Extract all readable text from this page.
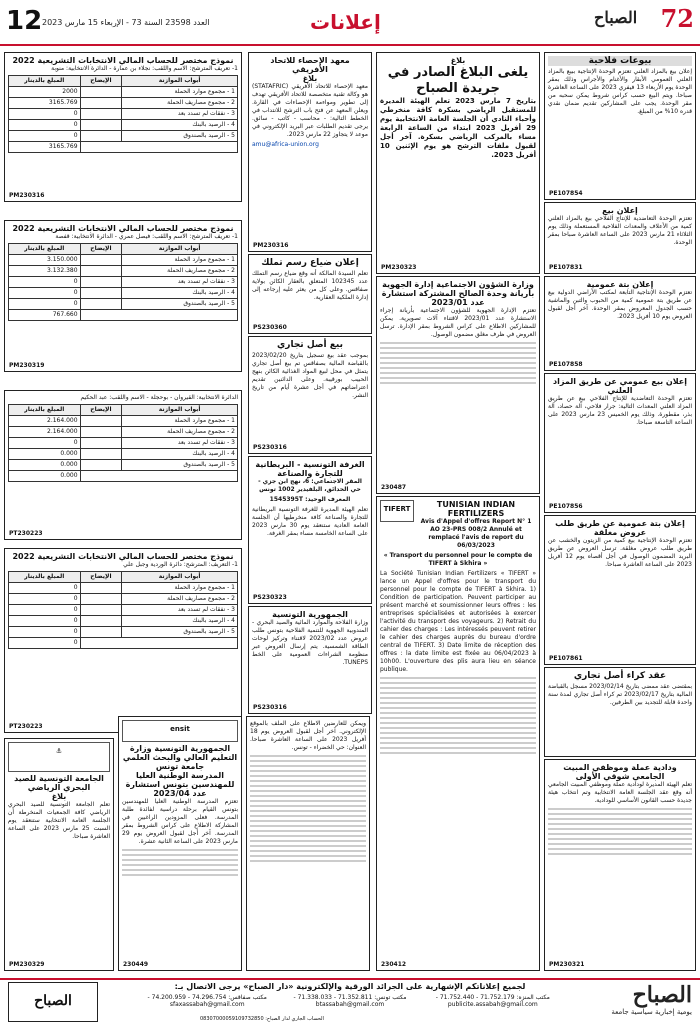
12 العدد 23598 السنة 73 - الإربعاء 15 مارس 2023	إعلانات	72
الصباح
بيوعات فلاحية

إعلان بيع بالمزاد العلني تعتزم الوحدة الإنتاجية ببيع بالمزاد العلني العمومي الأبقار والأغنام والأجراس وذلك بمقر الوحدة يوم الأربعاء 13 فيفري 2023 على الساعة العاشرة صباحا. ويتم البيع حسب كراس شروط يمكن سحبه من مقر الوحدة. يجب على المشاركين تقديم ضمان نقدي قدره 10% من المبلغ.

PE107854
إعلان بيع

تعتزم الوحدة التعاضدية للإنتاج الفلاحي بيع بالمزاد العلني كمية من الأعلاف والمعدات الفلاحية المستعملة وذلك يوم الثلاثاء 21 مارس 2023 على الساعة العاشرة صباحا بمقر الوحدة.

PE107831
إعلان بتة عمومية

تعتزم الوحدة الإنتاجية التابعة لمكتب الأراضي الدولية بيع عن طريق بتة عمومية كمية من الحبوب والتبن والماشية حسب الجدول المعروض بمقر الوحدة. آخر أجل لقبول العروض يوم 10 أفريل 2023.

PE107858
إعلان بيع عمومي عن طريق المزاد العلني

تعتزم الوحدة التعاضدية للإنتاج الفلاحي بيع عن طريق المزاد العلني المعدات التالية: جرار فلاحي، آلة حصاد، آلة بذر، مقطورة. وذلك يوم الخميس 23 مارس 2023 على الساعة التاسعة صباحا.

PE107856
إعلان بتة عمومية عن طريق طلب عروض مغلقة

تعتزم الوحدة الإنتاجية بيع كمية من الزيتون والخشب عن طريق طلب عروض مغلقة. ترسل العروض عن طريق البريد المضمون الوصول في أجل أقصاه يوم 12 أفريل 2023 على الساعة العاشرة صباحا.

PE107861
عقد كراء أصل تجاري

بمقتضى عقد ممضى بتاريخ 2023/02/14 مسجل بالقباضة المالية بتاريخ 2023/02/17 تم كراء أصل تجاري لمدة سنة واحدة قابلة للتجديد بين الطرفين.

ودادية عملة وموظفي المبيت الجامعي شوقي الأولى

تعلم الهيئة المديرة لودادية عملة وموظفي المبيت الجامعي أنه وقع عقد الجلسة العامة الانتخابية وتم انتخاب هيئة جديدة حسب القانون الأساسي للودادية.

PM230321
بلاغ
يلغى البلاغ الصادر في جريدة الصباح

بتاريخ 7 مارس 2023 تعلم الهيئة المديرة للمستقبل الرياضي بسكرة كافة منخرطي وأحباء النادي أن الجلسة العامة الانتخابية يوم 29 أفريل 2023 ابتداء من الساعة الرابعة مساء بالمركب الرياضي بسكرة. آخر أجل لقبول ملفات الترشح هو يوم الإثنين 10 أفريل 2023.

PM230323
وزارة الشؤون الاجتماعية إدارة الجهوية بأريانة وحدة الصالح المشتركة استشارة عدد 2023/01

تعتزم الإدارة الجهوية للشؤون الاجتماعية بأريانة إجراء الاستشارة عدد 2023/01 لاقتناء آلات تصويرية. يمكن للمشاركين الاطلاع على كراس الشروط بمقر الإدارة. ترسل العروض في ظرف مغلق مضمون الوصول.

230487
TIFERT	TUNISIAN INDIAN FERTILIZERS

Avis d'Appel d'offres Report N° 1 AO 23-PRS 008/2 Annulé et remplacé l'avis de report du 06/03/2023

« Transport du personnel pour le compte de TIFERT à Skhira »

La Société Tunisian Indian Fertilizers « TIFERT » lance un Appel d'offres pour le transport du personnel pour le compte de TIFERT à Skhira. 1) Condition de participation. Peuvent participer au présent marché et soumissionner leurs offres : les entreprises spécialisées et autorisées à exercer l'activité du transport des voyageurs. 2) Retrait du cahier des charges : Les intéressés peuvent retirer le cahier des charges auprès du bureau d'ordre central de TIFERT. 3) Date limite de réception des offres : la date limite est fixée au 06/04/2023 à 10h00. L'ouverture des plis aura lieu en séance publique.

230412
معهد الإحصاء للاتحاد الأفريقي
بلاغ

معهد الإحصاء للاتحاد الأفريقي (STATAFRIC) هو وكالة تقنية متخصصة للاتحاد الأفريقي تهدف إلى تطوير ومواءمة الإحصاءات في القارة. ويعلن المعهد عن فتح باب الترشح للانتداب في الخطط التالية: - محاسب - كاتب - سائق. يرجى تقديم الطلبات عبر البريد الإلكتروني في موعد لا يتجاوز 22 مارس 2023.

amu@africa-union.org

PM230316
إعلان ضياع رسم تملك

تعلم السيدة المالكة أنه وقع ضياع رسم التملك عدد 102345 المتعلق بالعقار الكائن بولاية صفاقس. وعلى كل من يعثر عليه إرجاعه إلى إدارة الملكية العقارية.

PS230360
بيع أصل تجاري

بموجب عقد بيع تسجيل بتاريخ 2023/02/20 بالقباضة المالية بصفاقس تم بيع أصل تجاري يتمثل في محل لبيع المواد الغذائية الكائن بنهج الحبيب بورقيبة. وعلى الدائنين تقديم اعتراضاتهم في أجل عشرة أيام من تاريخ النشر.

PS230316
الغرفة التونسية - البريطانية للتجارة والصناعة

المقر الاجتماعي: 6، نهج ابن جزي - حي الحدائق، البلفيدير 1002 تونس

المعرف الوحيد: 1545395T

تعلم الهيئة المديرة للغرفة التونسية البريطانية للتجارة والصناعة كافة منخرطيها أن الجلسة العامة العادية ستنعقد يوم 30 مارس 2023 على الساعة الخامسة مساء بمقر الغرفة.

PS230323
الجمهورية التونسية

وزارة الفلاحة والموارد المائية والصيد البحري - المندوبية الجهوية للتنمية الفلاحية بتونس طلب عروض عدد 2023/02 لاقتناء وتركيز لوحات الطاقة الشمسية. يتم إرسال العروض عبر منظومة الشراءات العمومية على الخط TUNEPS.

PS230316
نموذج مختصر للحساب المالي الانتخابات التشريعية 2022

1- تعريف المترشح: الاسم واللقب: نجلاء بن عمارة - الدائرة الانتخابية: منوبة

أبواب الموازنة	الإيضاح	المبلغ بالدينار
1 - مجموع موارد الحملة		2000
2 - مجموع مصاريف الحملة		3165.769
3 - نفقات لم تسدد بعد		0
4 - الرصيد بالبنك		0
5 - الرصيد بالصندوق		0
		3165.769
PM230316
نموذج مختصر للحساب المالي الانتخابات التشريعية 2022

1- تعريف المترشح: الاسم واللقب: فيصل عمري - الدائرة الانتخابية: قفصة

أبواب الموازنة	الإيضاح	المبلغ بالدينار
1 - مجموع موارد الحملة		3.150.000
2 - مجموع مصاريف الحملة		3.132.380
3 - نفقات لم تسدد بعد		0
4 - الرصيد بالبنك		0
5 - الرصيد بالصندوق		0
		767.660
PM230319

الدائرة الانتخابية: القيروان - بوحجلة - الاسم واللقب: عبد الحكيم

أبواب الموازنة	الإيضاح	المبلغ بالدينار
1 - مجموع موارد الحملة		2.164.000
2 - مجموع مصاريف الحملة		2.164.000
3 - نفقات لم تسدد بعد		0
4 - الرصيد بالبنك		0.000
5 - الرصيد بالصندوق		0.000
		0.000
PT230223
نموذج مختصر للحساب المالي الانتخابات التشريعية 2022

1- التعريف: المترشح: دائرة الوردية وجبل علي

أبواب الموازنة	الإيضاح	المبلغ بالدينار
1 - مجموع موارد الحملة		0
2 - مجموع مصاريف الحملة		0
3 - نفقات لم تسدد بعد		0
4 - الرصيد بالبنك		0
5 - الرصيد بالصندوق		0
		0
PT230223
⚓
الجامعة التونسية للصيد البحري الرياضي
بلاغ

تعلم الجامعة التونسية للصيد البحري الرياضي كافة الجمعيات المنخرطة أن الجلسة العامة الانتخابية ستنعقد يوم السبت 25 مارس 2023 على الساعة العاشرة صباحا.

PM230329
ensit
الجمهورية التونسية وزارة التعليم العالي والبحث العلمي جامعة تونس
المدرسة الوطنية العليا للمهندسين بتونس استشارة عدد 2023/04

تعتزم المدرسة الوطنية العليا للمهندسين بتونس القيام برحلة دراسية لفائدة طلبة المدرسة. فعلى المزودين الراغبين في المشاركة الاطلاع على كراس الشروط بمقر المدرسة. آخر أجل لقبول العروض يوم 29 مارس 2023 على الساعة الثانية عشرة.

230449

ويمكن للعارضين الاطلاع على الملف بالموقع الإلكتروني. آخر أجل لقبول العروض يوم 18 أفريل 2023 على الساعة العاشرة صباحا. العنوان: حي الخضراء - تونس.

الصباح
يومية إخبارية سياسية جامعة
لجميع إعلاناتكم الإشهارية على الجرائد الورقية والإلكترونية «دار الصباح» يرجى الاتصال بـ:
مكتب المنزه: 71.752.179 - 71.752.440 - publicite.assabah@gmail.com
مكتب تونس: 71.352.811 - 71.338.033 - btassabah@gmail.com
مكتب صفاقس: 74.296.754 - 74.200.959 - sfaxassabah@gmail.com
الحساب الجاري لدار الصباح: 08307000059109732850
الصباح
